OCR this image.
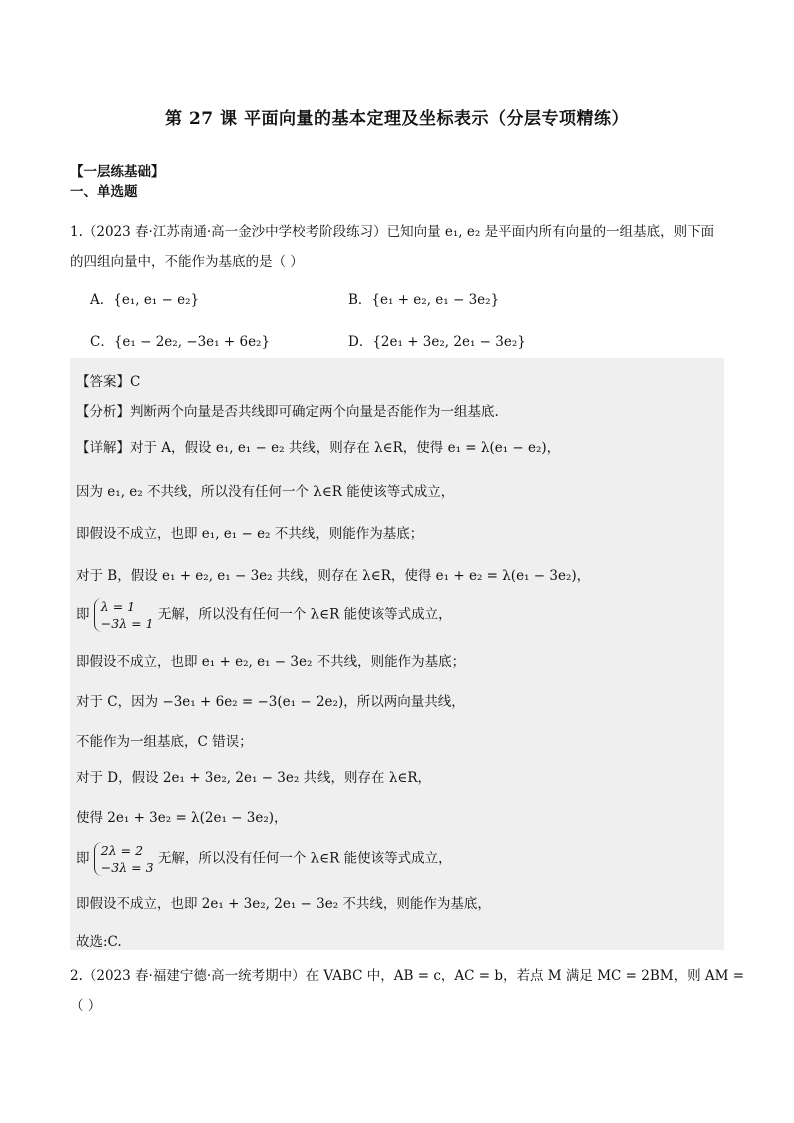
第 27 课 平面向量的基本定理及坐标表示（分层专项精练）
【一层练基础】
一、单选题
1.（2023 春·江苏南通·高一金沙中学校考阶段练习）已知向量 e₁, e₂ 是平面内所有向量的一组基底，则下面
的四组向量中，不能作为基底的是（ ）
A．{e₁, e₁ − e₂}	B．{e₁ + e₂, e₁ − 3e₂}
C．{e₁ − 2e₂, −3e₁ + 6e₂}	D．{2e₁ + 3e₂, 2e₁ − 3e₂}
【答案】C
【分析】判断两个向量是否共线即可确定两个向量是否能作为一组基底.
【详解】对于 A，假设 e₁, e₁ − e₂ 共线，则存在 λ∈R，使得 e₁ = λ(e₁ − e₂)，
因为 e₁, e₂ 不共线，所以没有任何一个 λ∈R 能使该等式成立，
即假设不成立，也即 e₁, e₁ − e₂ 不共线，则能作为基底；
对于 B，假设 e₁ + e₂, e₁ − 3e₂ 共线，则存在 λ∈R，使得 e₁ + e₂ = λ(e₁ − 3e₂)，
即 λ = 1
−3λ = 1 无解，所以没有任何一个 λ∈R 能使该等式成立，
即假设不成立，也即 e₁ + e₂, e₁ − 3e₂ 不共线，则能作为基底；
对于 C，因为 −3e₁ + 6e₂ = −3(e₁ − 2e₂)，所以两向量共线，
不能作为一组基底，C 错误；
对于 D，假设 2e₁ + 3e₂, 2e₁ − 3e₂ 共线，则存在 λ∈R，
使得 2e₁ + 3e₂ = λ(2e₁ − 3e₂)，
即 2λ = 2
−3λ = 3 无解，所以没有任何一个 λ∈R 能使该等式成立，
即假设不成立，也即 2e₁ + 3e₂, 2e₁ − 3e₂ 不共线，则能作为基底，
故选:C.
2.（2023 春·福建宁德·高一统考期中）在 VABC 中，AB = c，AC = b，若点 M 满足 MC = 2BM，则 AM =
（ ）
